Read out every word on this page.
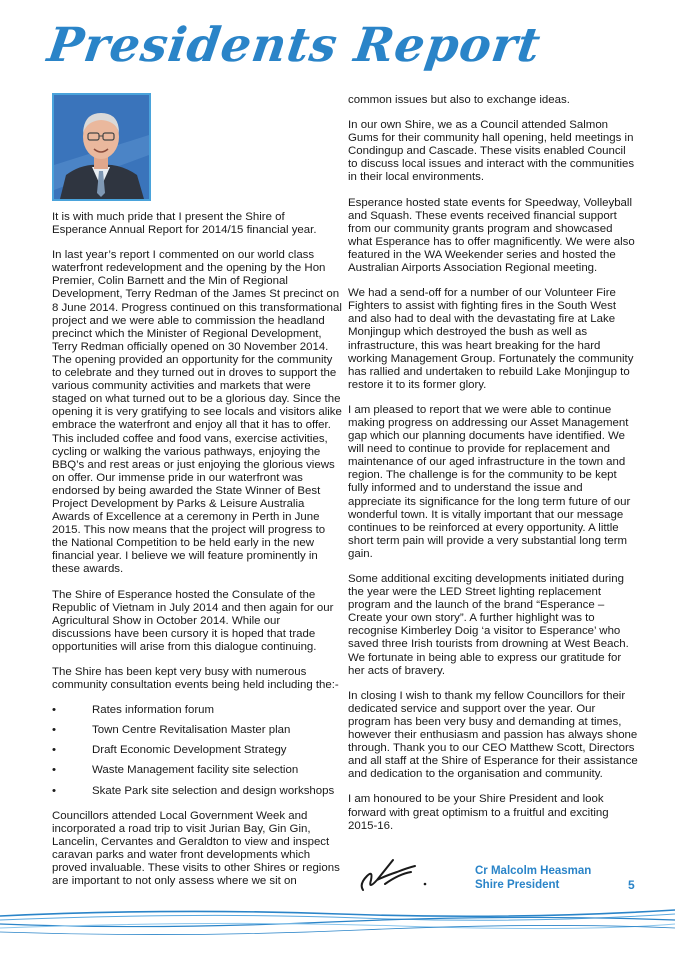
Presidents Report

It is with much pride that I present the Shire of Esperance Annual Report for 2014/15 financial year.

In last year’s report I commented on our world class waterfront redevelopment and the opening by the Hon Premier, Colin Barnett and the Min of Regional Development, Terry Redman of the James St precinct on 8 June 2014. Progress continued on this transformational project and we were able to commission the headland precinct which the Minister of Regional Development, Terry Redman officially opened on 30 November 2014. The opening provided an opportunity for the community to celebrate and they turned out in droves to support the various community activities and markets that were staged on what turned out to be a glorious day. Since the opening it is very gratifying to see locals and visitors alike embrace the waterfront and enjoy all that it has to offer. This included coffee and food vans, exercise activities, cycling or walking the various pathways, enjoying the BBQ’s and rest areas or just enjoying the glorious views on offer. Our immense pride in our waterfront was endorsed by being awarded the State Winner of Best Project Development by Parks & Leisure Australia Awards of Excellence at a ceremony in Perth in June 2015. This now means that the project will progress to the National Competition to be held early in the new financial year. I believe we will feature prominently in these awards.

The Shire of Esperance hosted the Consulate of the Republic of Vietnam in July 2014 and then again for our Agricultural Show in October 2014. While our discussions have been cursory it is hoped that trade opportunities will arise from this dialogue continuing.

The Shire has been kept very busy with numerous community consultation events being held including the:-

•	Rates information forum
•	Town Centre Revitalisation Master plan
•	Draft Economic Development Strategy
•	Waste Management facility site selection
•	Skate Park site selection and design workshops

Councillors attended Local Government Week and incorporated a road trip to visit Jurian Bay, Gin Gin, Lancelin, Cervantes and Geraldton to view and inspect caravan parks and water front developments which proved invaluable. These visits to other Shires or regions are important to not only assess where we sit on

common issues but also to exchange ideas.

In our own Shire, we as a Council attended Salmon Gums for their community hall opening, held meetings in Condingup and Cascade. These visits enabled Council to discuss local issues and interact with the communities in their local environments.

Esperance hosted state events for Speedway, Volleyball and Squash. These events received financial support from our community grants program and showcased what Esperance has to offer magnificently. We were also featured in the WA Weekender series and hosted the Australian Airports Association Regional meeting.

We had a send-off for a number of our Volunteer Fire Fighters to assist with fighting fires in the South West and also had to deal with the devastating fire at Lake Monjingup which destroyed the bush as well as infrastructure, this was heart breaking for the hard working Management Group. Fortunately the community has rallied and undertaken to rebuild Lake Monjingup to restore it to its former glory.

I am pleased to report that we were able to continue making progress on addressing our Asset Management gap which our planning documents have identified. We will need to continue to provide for replacement and maintenance of our aged infrastructure in the town and region. The challenge is for the community to be kept fully informed and to understand the issue and appreciate its significance for the long term future of our wonderful town. It is vitally important that our message continues to be reinforced at every opportunity. A little short term pain will provide a very substantial long term gain.

Some additional exciting developments initiated during the year were the LED Street lighting replacement program and the launch of the brand “Esperance – Create your own story”. A further highlight was to recognise Kimberley Doig ‘a visitor to Esperance’ who saved three Irish tourists from drowning at West Beach. We fortunate in being able to express our gratitude for her acts of bravery.

In closing I wish to thank my fellow Councillors for their dedicated service and support over the year. Our program has been very busy and demanding at times, however their enthusiasm and passion has always shone through. Thank you to our CEO Matthew Scott, Directors and all staff at the Shire of Esperance for their assistance and dedication to the organisation and community.

I am honoured to be your Shire President and look forward with great optimism to a fruitful and exciting 2015-16.

Cr Malcolm Heasman
Shire President	5
